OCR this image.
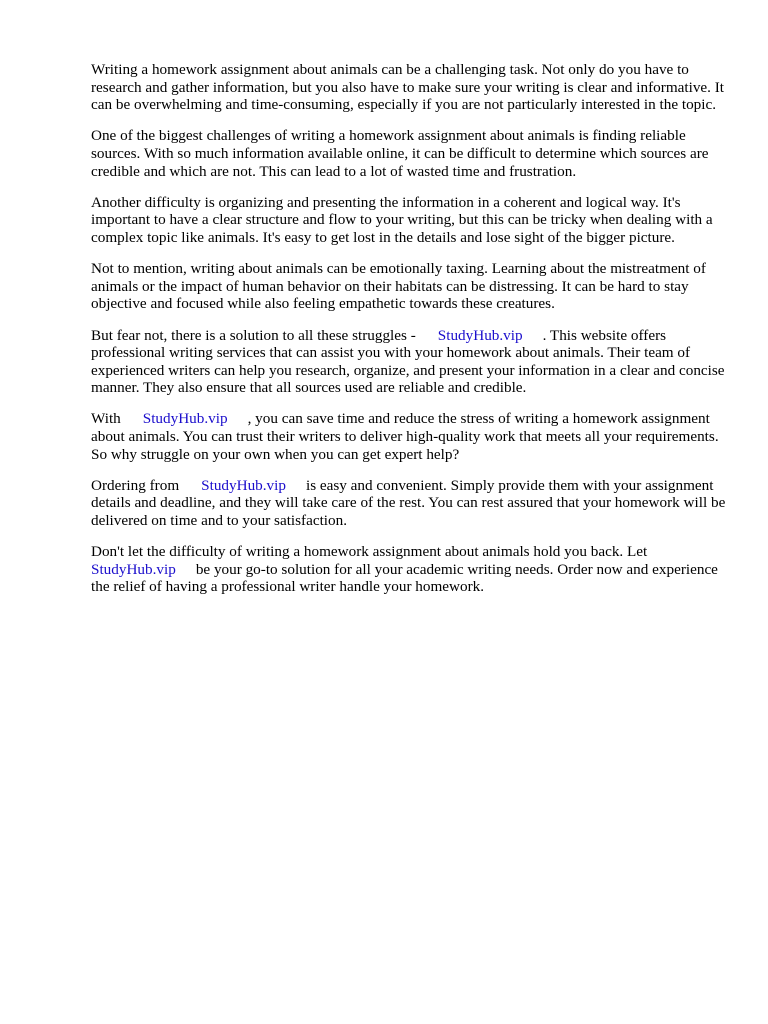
Writing a homework assignment about animals can be a challenging task. Not only do you have to research and gather information, but you also have to make sure your writing is clear and informative. It can be overwhelming and time-consuming, especially if you are not particularly interested in the topic.

One of the biggest challenges of writing a homework assignment about animals is finding reliable sources. With so much information available online, it can be difficult to determine which sources are credible and which are not. This can lead to a lot of wasted time and frustration.

Another difficulty is organizing and presenting the information in a coherent and logical way. It's important to have a clear structure and flow to your writing, but this can be tricky when dealing with a complex topic like animals. It's easy to get lost in the details and lose sight of the bigger picture.

Not to mention, writing about animals can be emotionally taxing. Learning about the mistreatment of animals or the impact of human behavior on their habitats can be distressing. It can be hard to stay objective and focused while also feeling empathetic towards these creatures.

But fear not, there is a solution to all these struggles - StudyHub.vip . This website offers professional writing services that can assist you with your homework about animals. Their team of experienced writers can help you research, organize, and present your information in a clear and concise manner. They also ensure that all sources used are reliable and credible.

With StudyHub.vip , you can save time and reduce the stress of writing a homework assignment about animals. You can trust their writers to deliver high-quality work that meets all your requirements. So why struggle on your own when you can get expert help?

Ordering from StudyHub.vip is easy and convenient. Simply provide them with your assignment details and deadline, and they will take care of the rest. You can rest assured that your homework will be delivered on time and to your satisfaction.

Don't let the difficulty of writing a homework assignment about animals hold you back. Let StudyHub.vip be your go-to solution for all your academic writing needs. Order now and experience the relief of having a professional writer handle your homework.
